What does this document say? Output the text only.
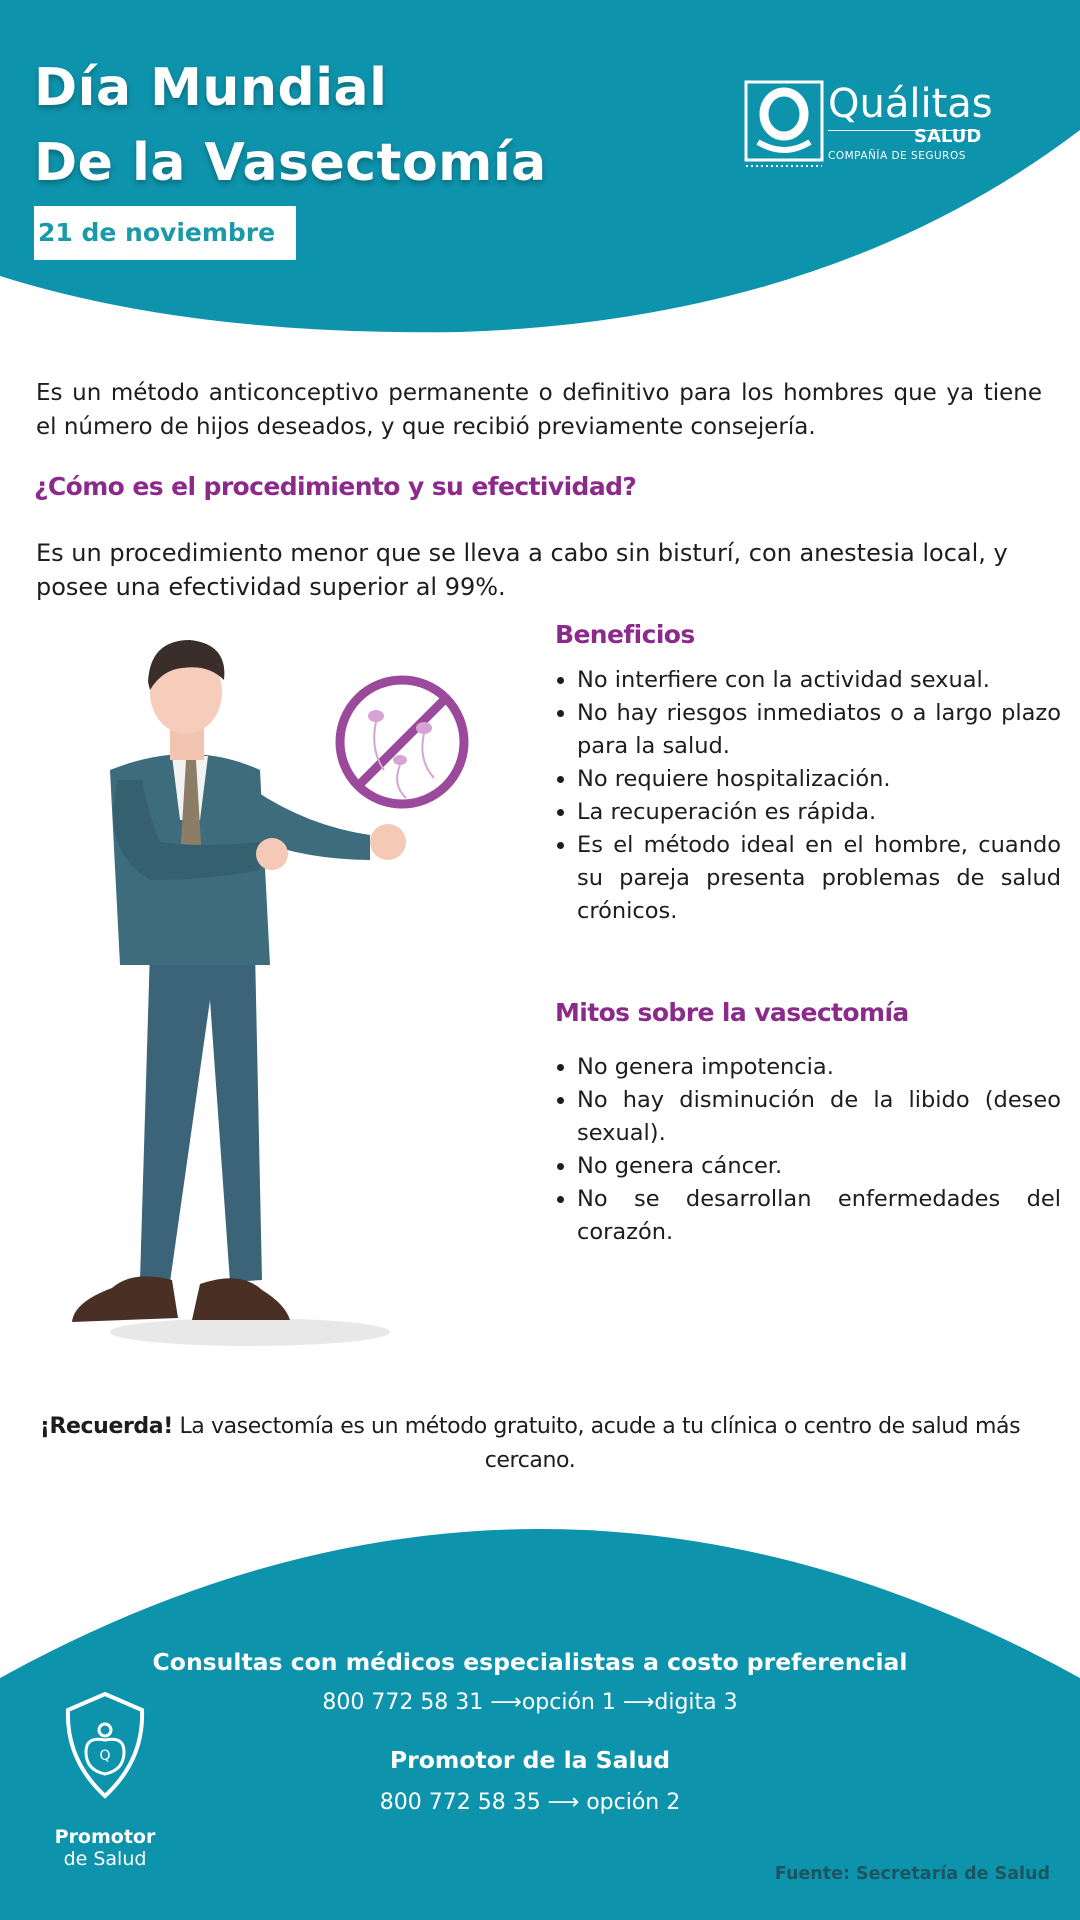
Día Mundial
De la Vasectomía
21 de noviembre
Quálitas
SALUD
COMPAÑÍA DE SEGUROS
Es un método anticonceptivo permanente o definitivo para los hombres que ya tiene el número de hijos deseados, y que recibió previamente consejería.
¿Cómo es el procedimiento y su efectividad?
Es un procedimiento menor que se lleva a cabo sin bisturí, con anestesia local, y posee una efectividad superior al 99%.
Beneficios
• No interfiere con la actividad sexual.
• No hay riesgos inmediatos o a largo plazo para la salud.
• No requiere hospitalización.
• La recuperación es rápida.
• Es el método ideal en el hombre, cuando su pareja presenta problemas de salud crónicos.
Mitos sobre la vasectomía
• No genera impotencia.
• No hay disminución de la libido (deseo sexual).
• No genera cáncer.
• No se desarrollan enfermedades del corazón.
¡Recuerda! La vasectomía es un método gratuito, acude a tu clínica o centro de salud más cercano.
Consultas con médicos especialistas a costo preferencial
800 772 58 31 ⟶opción 1 ⟶digita 3
Promotor de la Salud
800 772 58 35 ⟶ opción 2
Q
Promotor
de Salud
Fuente: Secretaría de Salud
